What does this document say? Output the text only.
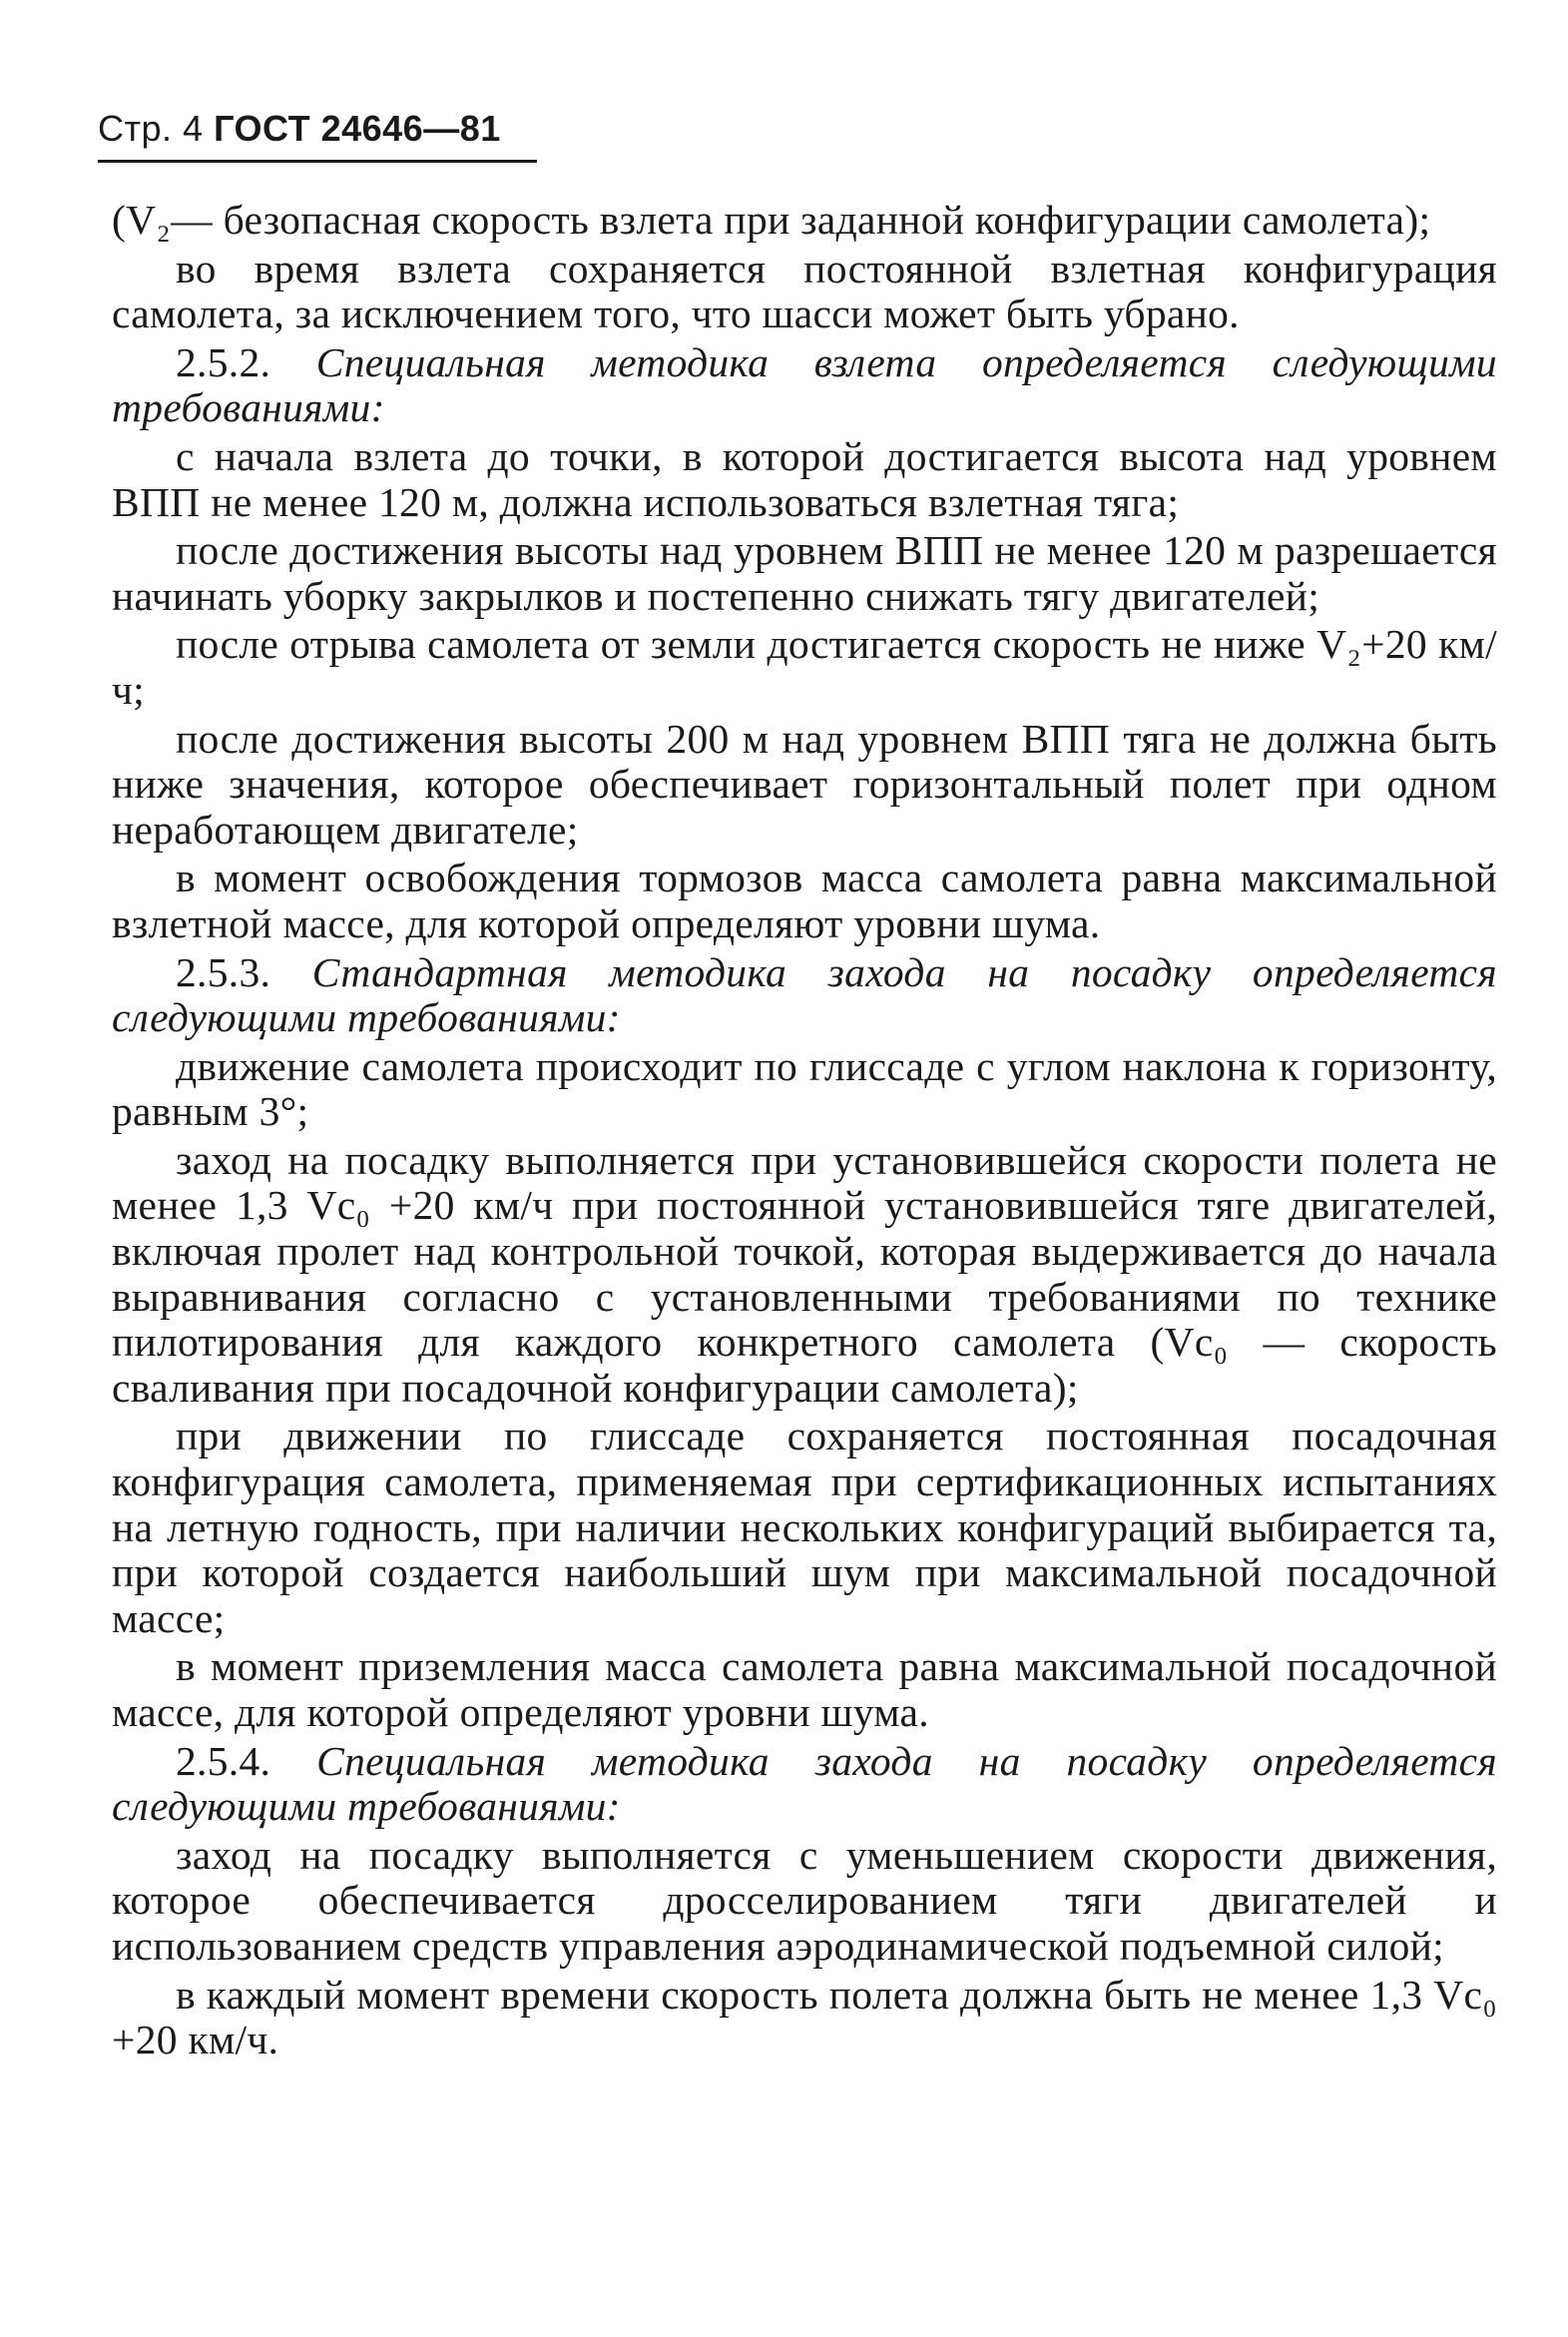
Стр. 4 ГОСТ 24646—81

(V₂— безопасная скорость взлета при заданной конфигурации самолета);

во время взлета сохраняется постоянной взлетная конфигурация самолета, за исключением того, что шасси может быть убрано.

2.5.2. Специальная методика взлета определяется следующими требованиями:

с начала взлета до точки, в которой достигается высота над уровнем ВПП не менее 120 м, должна использоваться взлетная тяга;

после достижения высоты над уровнем ВПП не менее 120 м разрешается начинать уборку закрылков и постепенно снижать тягу двигателей;

после отрыва самолета от земли достигается скорость не ниже V₂+20 км/ч;

после достижения высоты 200 м над уровнем ВПП тяга не должна быть ниже значения, которое обеспечивает горизонтальный полет при одном неработающем двигателе;

в момент освобождения тормозов масса самолета равна максимальной взлетной массе, для которой определяют уровни шума.

2.5.3. Стандартная методика захода на посадку определяется следующими требованиями:

движение самолета происходит по глиссаде с углом наклона к горизонту, равным 3°;

заход на посадку выполняется при установившейся скорости полета не менее 1,3 Vс₀ +20 км/ч при постоянной установившейся тяге двигателей, включая пролет над контрольной точкой, которая выдерживается до начала выравнивания согласно с установленными требованиями по технике пилотирования для каждого конкретного самолета (Vс₀ — скорость сваливания при посадочной конфигурации самолета);

при движении по глиссаде сохраняется постоянная посадочная конфигурация самолета, применяемая при сертификационных испытаниях на летную годность, при наличии нескольких конфигураций выбирается та, при которой создается наибольший шум при максимальной посадочной массе;

в момент приземления масса самолета равна максимальной посадочной массе, для которой определяют уровни шума.

2.5.4. Специальная методика захода на посадку определяется следующими требованиями:

заход на посадку выполняется с уменьшением скорости движения, которое обеспечивается дросселированием тяги двигателей и использованием средств управления аэродинамической подъемной силой;

в каждый момент времени скорость полета должна быть не менее 1,3 Vс₀ +20 км/ч.
